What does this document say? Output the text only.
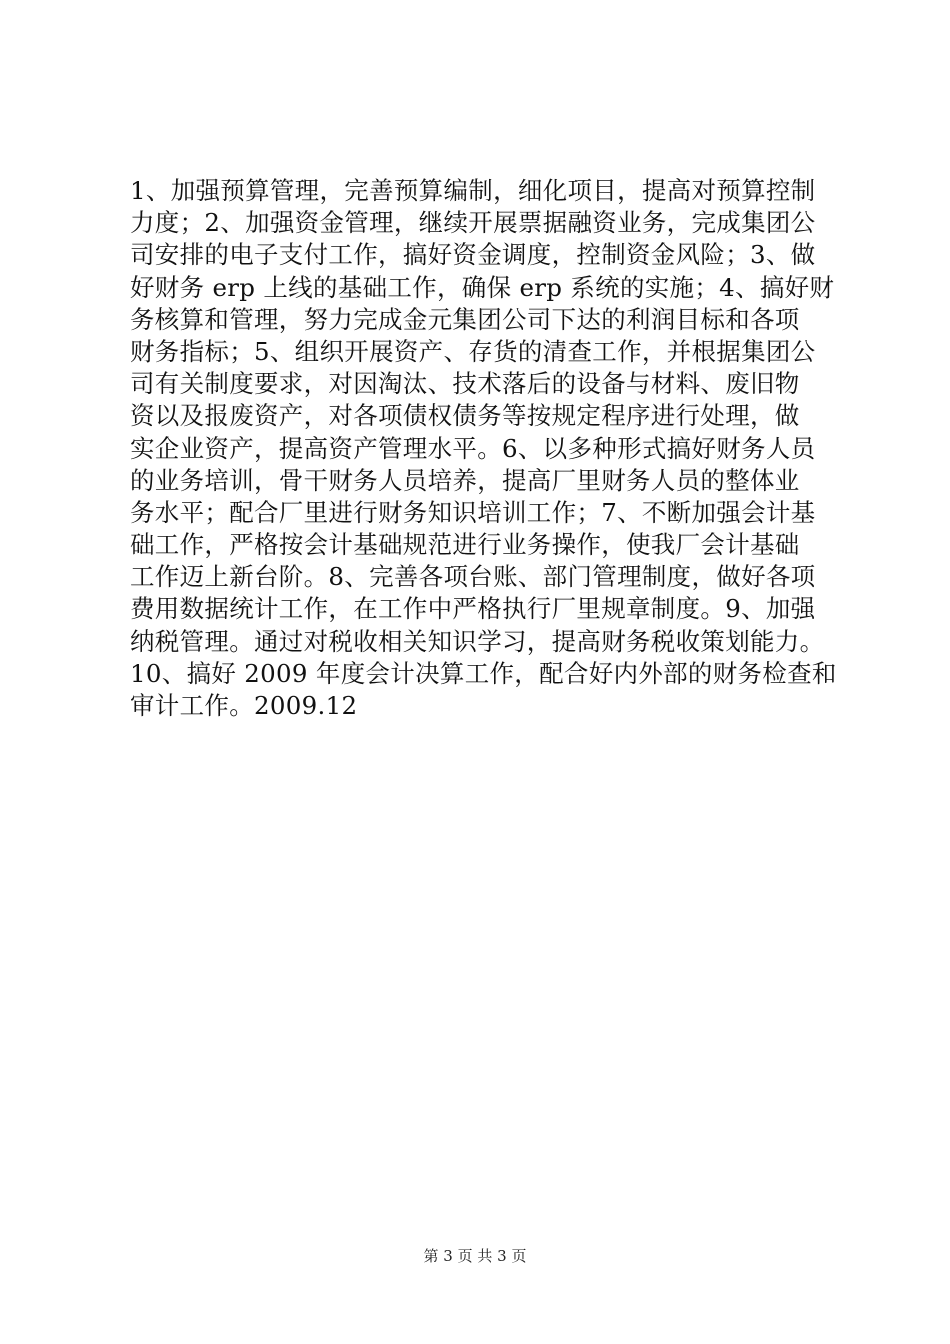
1、加强预算管理，完善预算编制，细化项目，提高对预算控制
力度；2、加强资金管理，继续开展票据融资业务，完成集团公
司安排的电子支付工作，搞好资金调度，控制资金风险；3、做
好财务 erp 上线的基础工作，确保 erp 系统的实施；4、搞好财
务核算和管理，努力完成金元集团公司下达的利润目标和各项
财务指标；5、组织开展资产、存货的清查工作，并根据集团公
司有关制度要求，对因淘汰、技术落后的设备与材料、废旧物
资以及报废资产，对各项债权债务等按规定程序进行处理，做
实企业资产，提高资产管理水平。6、以多种形式搞好财务人员
的业务培训，骨干财务人员培养，提高厂里财务人员的整体业
务水平；配合厂里进行财务知识培训工作；7、不断加强会计基
础工作，严格按会计基础规范进行业务操作，使我厂会计基础
工作迈上新台阶。8、完善各项台账、部门管理制度，做好各项
费用数据统计工作，在工作中严格执行厂里规章制度。9、加强
纳税管理。通过对税收相关知识学习，提高财务税收策划能力。
10、搞好 2009 年度会计决算工作，配合好内外部的财务检查和
审计工作。2009.12
第 3 页 共 3 页
